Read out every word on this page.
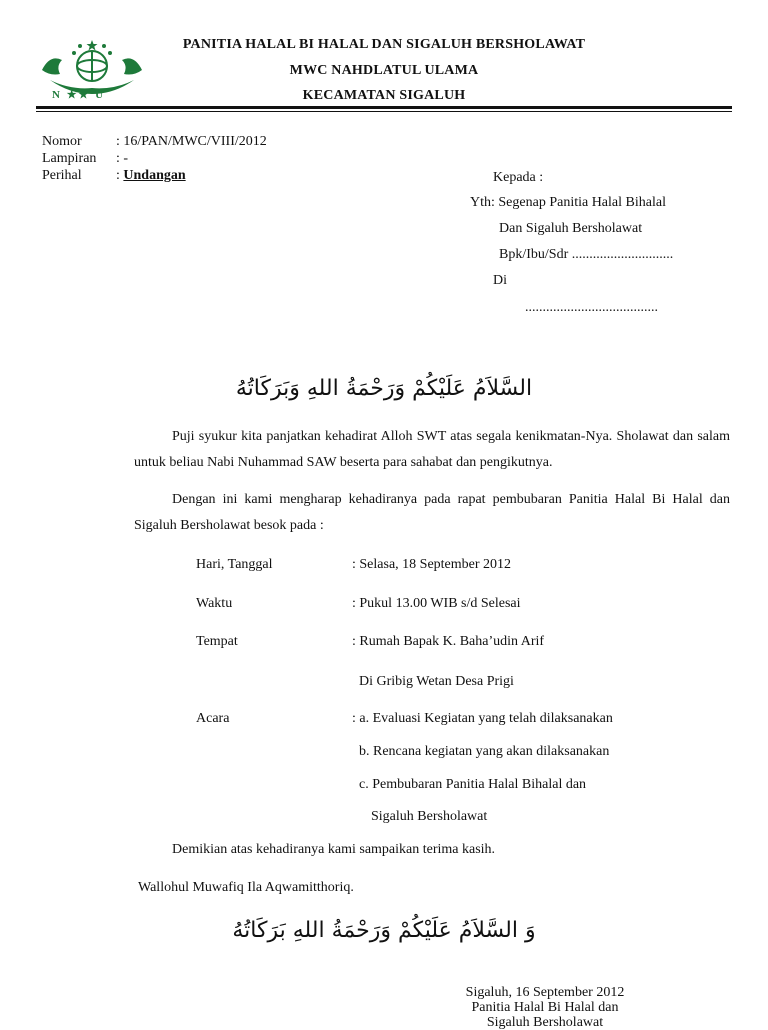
N ★★ U
PANITIA HALAL BI HALAL DAN SIGALUH BERSHOLAWAT
MWC NAHDLATUL ULAMA
KECAMATAN SIGALUH
Nomor : 16/PAN/MWC/VIII/2012
Lampiran : -
Perihal : Undangan	Kepada :
Yth: Segenap Panitia Halal Bihalal
Dan Sigaluh Bersholawat
Bpk/Ibu/Sdr .............................
Di
......................................
السَّلاَمُ عَلَيْكُمْ وَرَحْمَةُ اللهِ وَبَرَكَاتُهُ
Puji syukur kita panjatkan kehadirat Alloh SWT atas segala kenikmatan-Nya. Sholawat dan salam untuk beliau Nabi Nuhammad SAW beserta para sahabat dan pengikutnya.
Dengan ini kami mengharap kehadiranya pada rapat pembubaran Panitia Halal Bi Halal dan Sigaluh Bersholawat besok pada :
Hari, Tanggal	: Selasa, 18 September 2012
Waktu	: Pukul 13.00 WIB s/d Selesai
Tempat	: Rumah Bapak K. Baha’udin Arif
Di Gribig Wetan Desa Prigi
Acara	: a. Evaluasi Kegiatan yang telah dilaksanakan
b. Rencana kegiatan yang akan dilaksanakan
c. Pembubaran Panitia Halal Bihalal dan
Sigaluh Bersholawat
Demikian atas kehadiranya kami sampaikan terima kasih.
Wallohul Muwafiq Ila Aqwamitthoriq.
وَ السَّلاَمُ عَلَيْكُمْ وَرَحْمَةُ اللهِ بَرَكَاتُهُ
Sigaluh, 16 September 2012
Panitia Halal Bi Halal dan
Sigaluh Bersholawat
